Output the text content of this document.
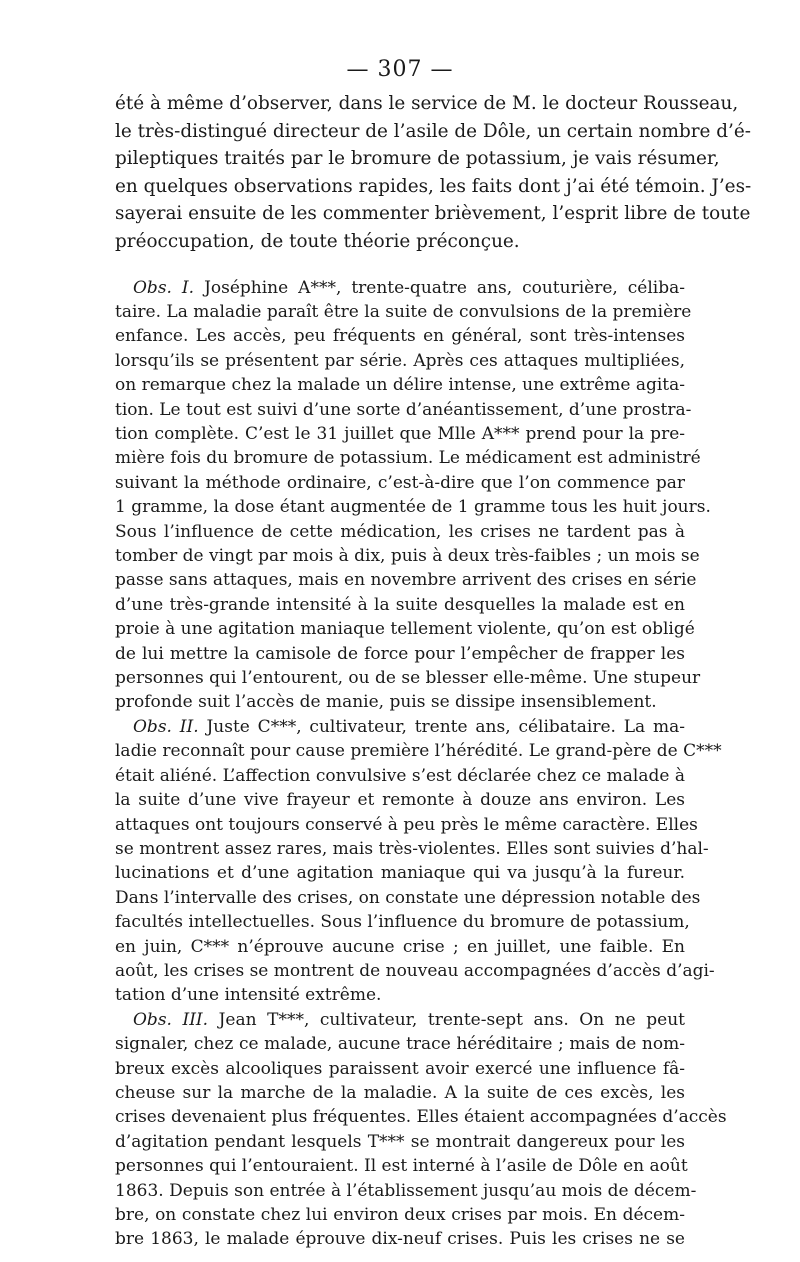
— 307 —
été à même d’observer, dans le service de M. le docteur Rousseau,
le très-distingué directeur de l’asile de Dôle, un certain nombre d’é-
pileptiques traités par le bromure de potassium, je vais résumer,
en quelques observations rapides, les faits dont j’ai été témoin. J’es-
sayerai ensuite de les commenter brièvement, l’esprit libre de toute
préoccupation, de toute théorie préconçue.
Obs. I. Joséphine A***, trente-quatre ans, couturière, céliba-
taire. La maladie paraît être la suite de convulsions de la première
enfance. Les accès, peu fréquents en général, sont très-intenses
lorsqu’ils se présentent par série. Après ces attaques multipliées,
on remarque chez la malade un délire intense, une extrême agita-
tion. Le tout est suivi d’une sorte d’anéantissement, d’une prostra-
tion complète. C’est le 31 juillet que Mlle A*** prend pour la pre-
mière fois du bromure de potassium. Le médicament est administré
suivant la méthode ordinaire, c’est-à-dire que l’on commence par
1 gramme, la dose étant augmentée de 1 gramme tous les huit jours.
Sous l’influence de cette médication, les crises ne tardent pas à
tomber de vingt par mois à dix, puis à deux très-faibles ; un mois se
passe sans attaques, mais en novembre arrivent des crises en série
d’une très-grande intensité à la suite desquelles la malade est en
proie à une agitation maniaque tellement violente, qu’on est obligé
de lui mettre la camisole de force pour l’empêcher de frapper les
personnes qui l’entourent, ou de se blesser elle-même. Une stupeur
profonde suit l’accès de manie, puis se dissipe insensiblement.
Obs. II. Juste C***, cultivateur, trente ans, célibataire. La ma-
ladie reconnaît pour cause première l’hérédité. Le grand-père de C***
était aliéné. L’affection convulsive s’est déclarée chez ce malade à
la suite d’une vive frayeur et remonte à douze ans environ. Les
attaques ont toujours conservé à peu près le même caractère. Elles
se montrent assez rares, mais très-violentes. Elles sont suivies d’hal-
lucinations et d’une agitation maniaque qui va jusqu’à la fureur.
Dans l’intervalle des crises, on constate une dépression notable des
facultés intellectuelles. Sous l’influence du bromure de potassium,
en juin, C*** n’éprouve aucune crise ; en juillet, une faible. En
août, les crises se montrent de nouveau accompagnées d’accès d’agi-
tation d’une intensité extrême.
Obs. III. Jean T***, cultivateur, trente-sept ans. On ne peut
signaler, chez ce malade, aucune trace héréditaire ; mais de nom-
breux excès alcooliques paraissent avoir exercé une influence fâ-
cheuse sur la marche de la maladie. A la suite de ces excès, les
crises devenaient plus fréquentes. Elles étaient accompagnées d’accès
d’agitation pendant lesquels T*** se montrait dangereux pour les
personnes qui l’entouraient. Il est interné à l’asile de Dôle en août
1863. Depuis son entrée à l’établissement jusqu’au mois de décem-
bre, on constate chez lui environ deux crises par mois. En décem-
bre 1863, le malade éprouve dix-neuf crises. Puis les crises ne se
